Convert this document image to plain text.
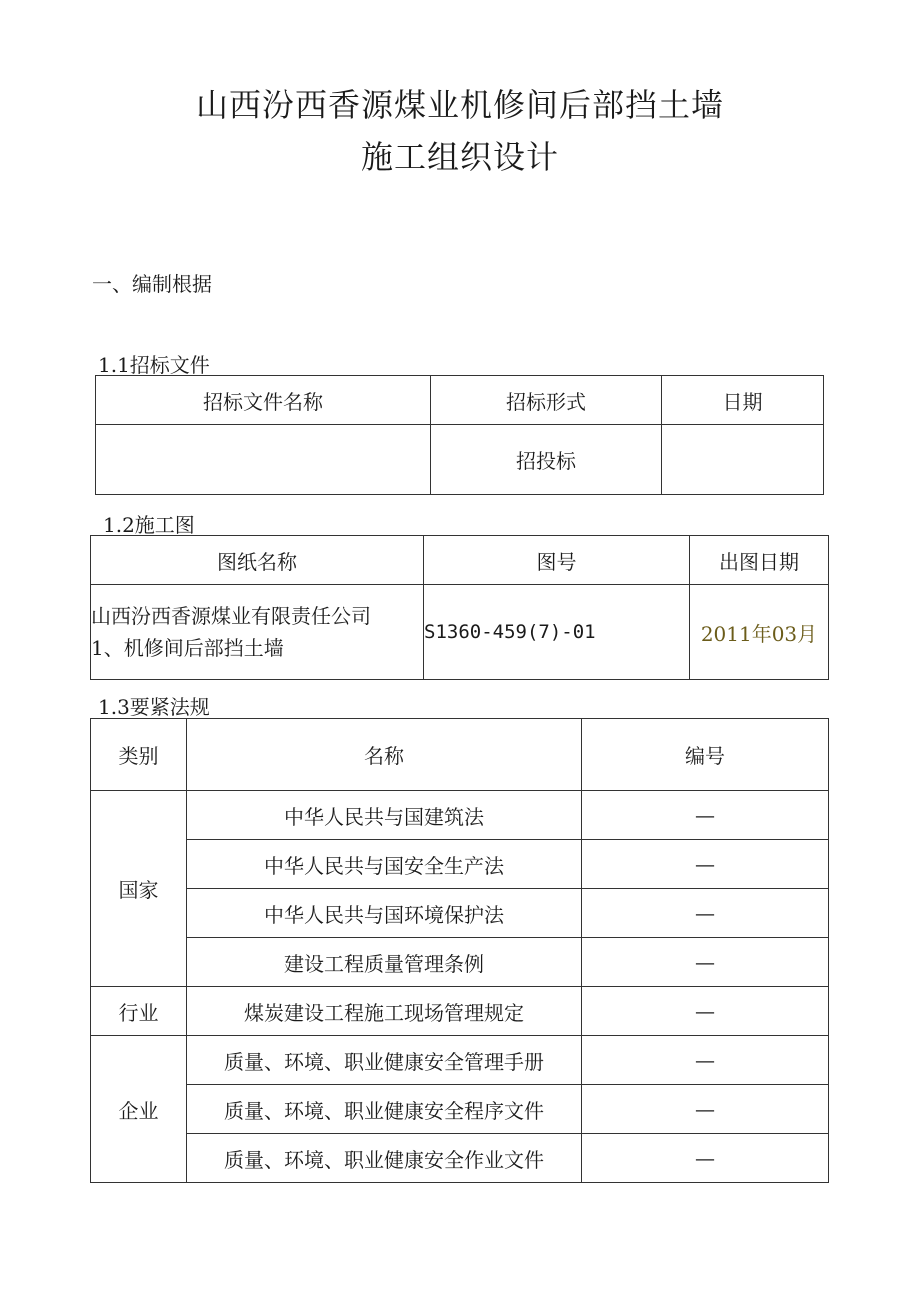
山西汾西香源煤业机修间后部挡土墙
施工组织设计
一、编制根据
1.1招标文件
招标文件名称	招标形式	日期
	招投标	
1.2施工图
图纸名称	图号	出图日期

山西汾西香源煤业有限责任公司
1、机修间后部挡土墙	S1360-459(7)-01	2011年03月
1.3要紧法规
类别	名称	编号
国家	中华人民共与国建筑法	—
	中华人民共与国安全生产法	—
	中华人民共与国环境保护法	—
	建设工程质量管理条例	—
行业	煤炭建设工程施工现场管理规定	—
企业	质量、环境、职业健康安全管理手册	—
	质量、环境、职业健康安全程序文件	—
	质量、环境、职业健康安全作业文件	—
